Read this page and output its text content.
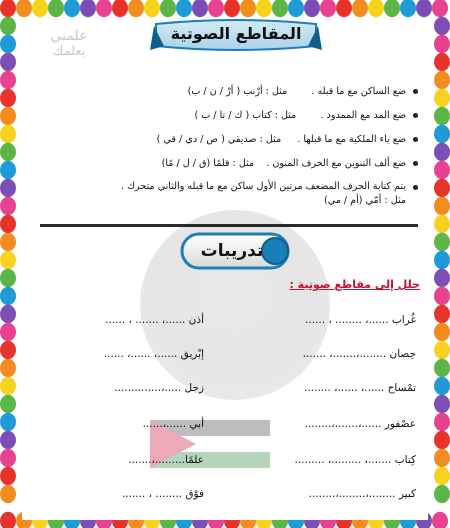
علمني
بعلمك
المقاطع الصوتية
ضع الساكن مع ما قبله .  مثل : أرْنب ( أرْ / ن / ب)
ضع المد مع الممدود .  مثل : كتاب ( ك / تا / ب )
ضع ياء الملكية مع ما قبلها .  مثل : صديقي ( ص / دي / قي )
ضع ألف التنوين مع الحرف المنون .  مثل : قلمًا (ق / ل / مًا)
يتم كتابة الحرف المضعف مرتين الأول ساكن مع ما قبله والثاني متحرك .
مثل : أمّي (أم / مي)
تدريبات
حلل إلى مقاطع صوتية :
غُراب ......، ........ ، ......
أذن ......، ....... ، ......
حِصان ........،.......، .......
إبْريق ......، ......، ......
تمْساح ......، ......، ........
زجل .....،..............
عصْفور ......،.......،........
أبي ......،......
كِتاب .......، .........، .........
علمًا.........،.......
كبير ........،........،........
فوْق ........ ، .......
